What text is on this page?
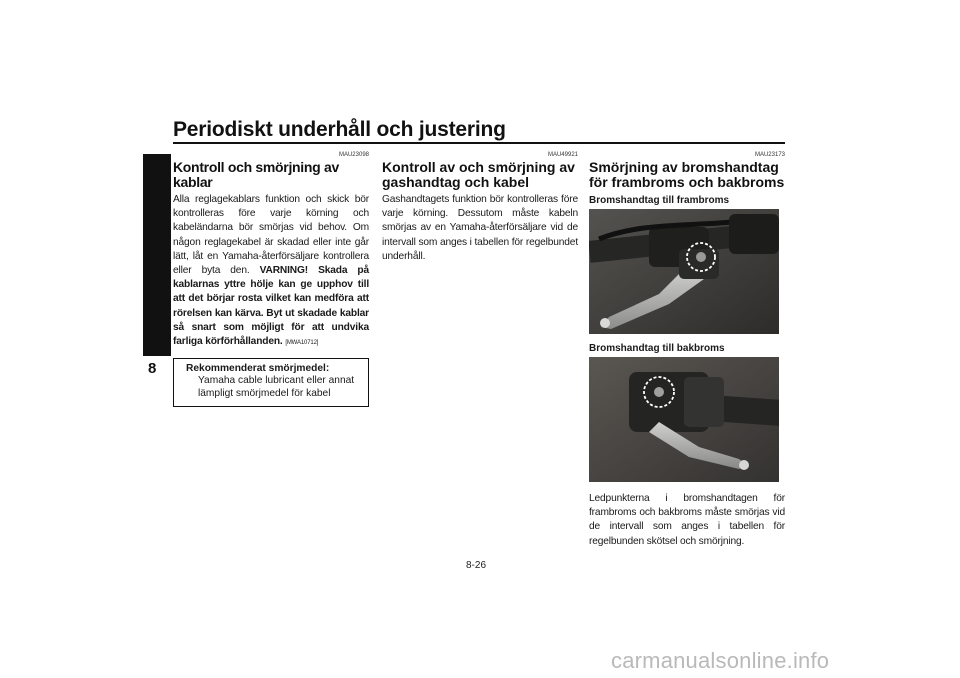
Periodiskt underhåll och justering
8
MAU23098
Kontroll och smörjning av kablar
Alla reglagekablars funktion och skick bör kontrolleras före varje körning och kabeländarna bör smörjas vid behov. Om någon reglagekabel är skadad eller inte går lätt, låt en Yamaha-återförsäljare kontrollera eller byta den. VARNING! Skada på kablarnas yttre hölje kan ge upphov till att det börjar rosta vilket kan medföra att rörelsen kan kärva. Byt ut skadade kablar så snart som möjligt för att undvika farliga körförhållanden. [MWA10712]
Rekommenderat smörjmedel:
Yamaha cable lubricant eller annat lämpligt smörjmedel för kabel
MAU49921
Kontroll av och smörjning av gashandtag och kabel
Gashandtagets funktion bör kontrolleras före varje körning. Dessutom måste kabeln smörjas av en Yamaha-återförsäljare vid de intervall som anges i tabellen för regelbundet underhåll.
MAU23173
Smörjning av bromshandtag för frambroms och bakbroms
Bromshandtag till frambroms
Bromshandtag till bakbroms
Ledpunkterna i bromshandtagen för frambroms och bakbroms måste smörjas vid de intervall som anges i tabellen för regelbunden skötsel och smörjning.
8-26
carmanualsonline.info
